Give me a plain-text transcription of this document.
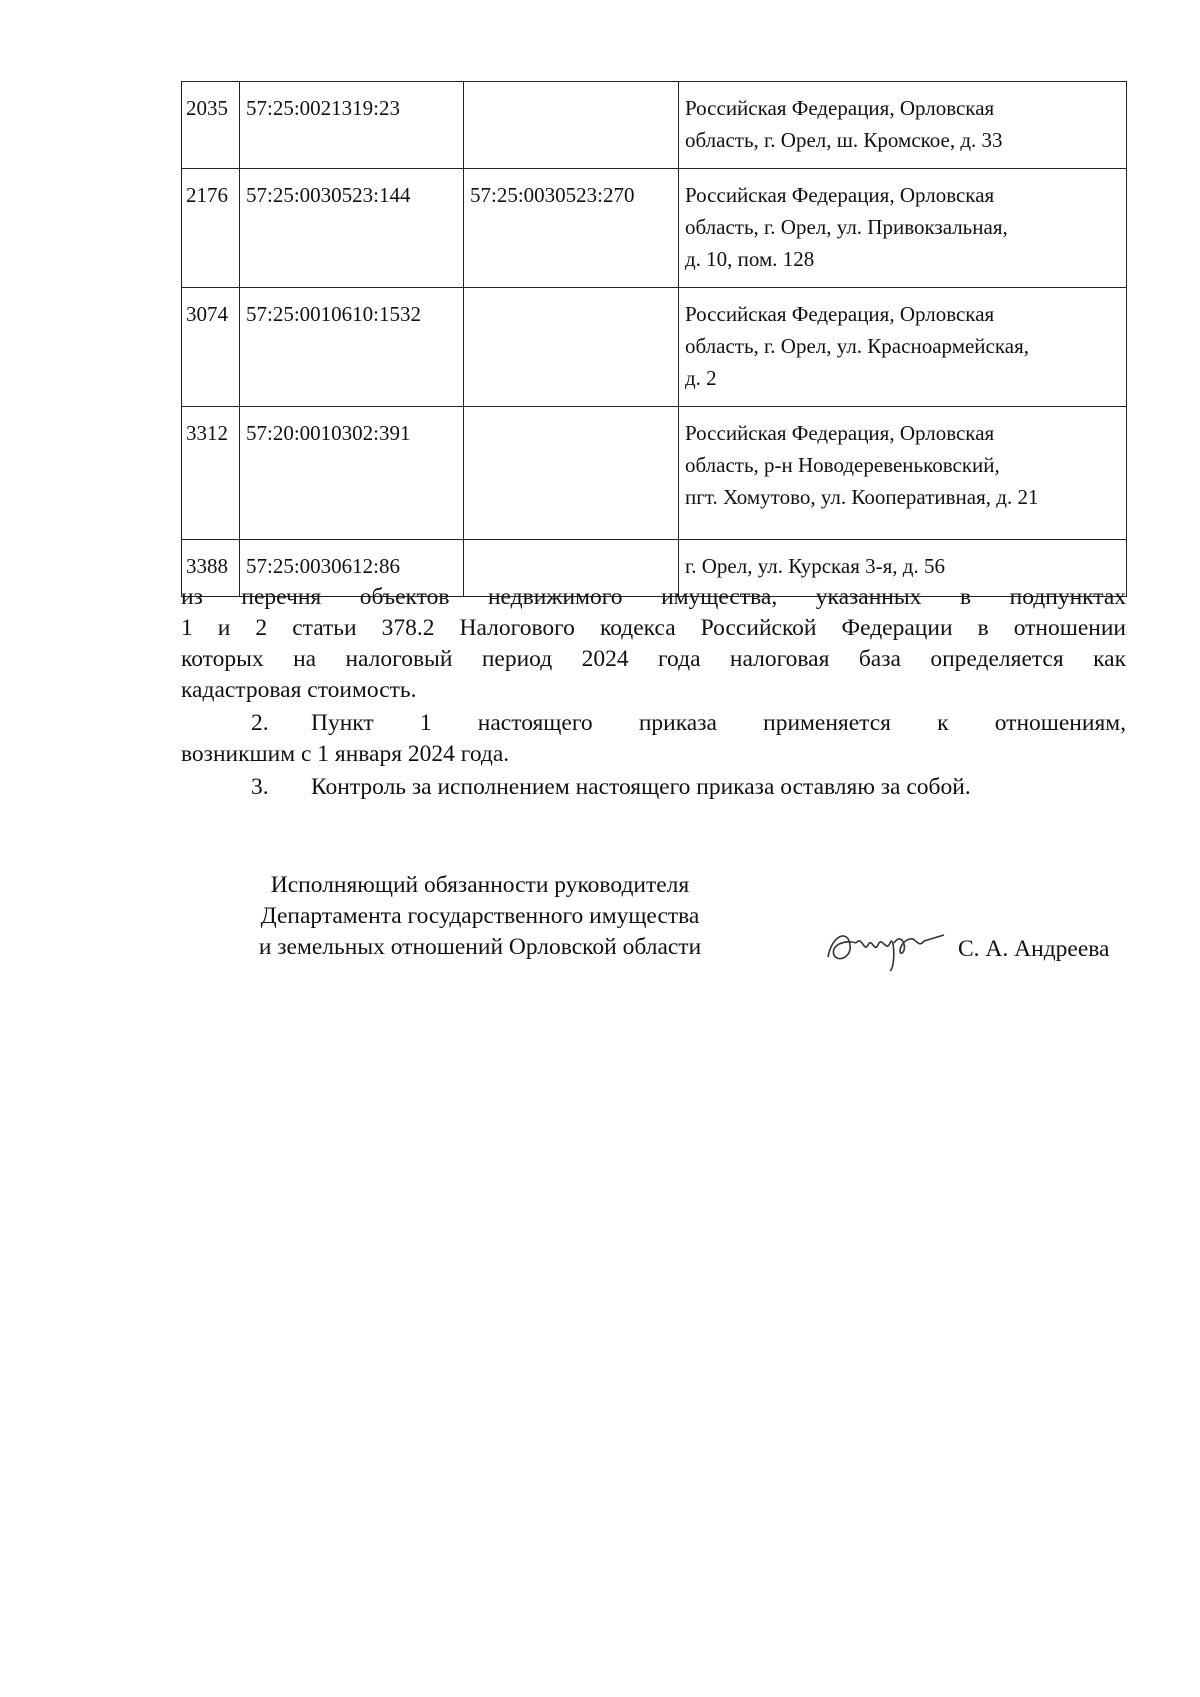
2035	57:25:0021319:23		Российская Федерация, Орловская
область, г. Орел, ш. Кромское, д. 33

2176	57:25:0030523:144	57:25:0030523:270	Российская Федерация, Орловская
область, г. Орел, ул. Привокзальная,
д. 10, пом. 128

3074	57:25:0010610:1532		Российская Федерация, Орловская
область, г. Орел, ул. Красноармейская,
д. 2

3312	57:20:0010302:391		Российская Федерация, Орловская
область, р-н Новодеревеньковский,
пгт. Хомутово, ул. Кооперативная, д. 21

3388	57:25:0030612:86		г. Орел, ул. Курская 3-я, д. 56
из перечня объектов недвижимого имущества, указанных в подпунктах
1 и 2 статьи 378.2 Налогового кодекса Российской Федерации в отношении
которых на налоговый период 2024 года налоговая база определяется как
кадастровая стоимость.
2. Пункт 1 настоящего приказа применяется к отношениям,
возникшим с 1 января 2024 года.
3. Контроль за исполнением настоящего приказа оставляю за собой.
Исполняющий обязанности руководителя
Департамента государственного имущества
и земельных отношений Орловской области	С. А. Андреева
